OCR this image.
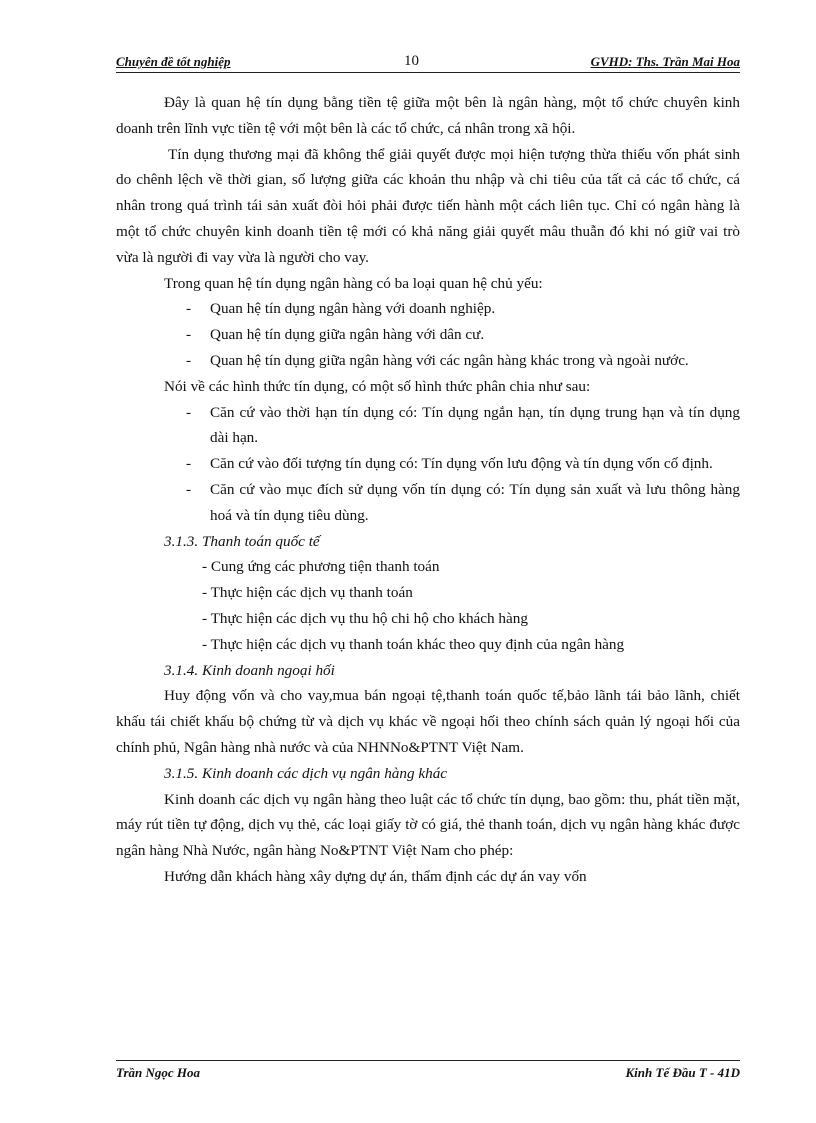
Chuyên đề tốt nghiệp	10	GVHD: Ths. Trần Mai Hoa

Đây là quan hệ tín dụng bằng tiền tệ giữa một bên là ngân hàng, một tổ chức chuyên kinh doanh trên lĩnh vực tiền tệ với một bên là các tổ chức, cá nhân trong xã hội.

Tín dụng thương mại đã không thể giải quyết được mọi hiện tượng thừa thiếu vốn phát sinh do chênh lệch về thời gian, số lượng giữa các khoản thu nhập và chi tiêu của tất cả các tổ chức, cá nhân trong quá trình tái sản xuất đòi hỏi phải được tiến hành một cách liên tục. Chỉ có ngân hàng là một tổ chức chuyên kinh doanh tiền tệ mới có khả năng giải quyết mâu thuẫn đó khi nó giữ vai trò vừa là người đi vay vừa là người cho vay.

Trong quan hệ tín dụng ngân hàng có ba loại quan hệ chủ yếu:

- Quan hệ tín dụng ngân hàng với doanh nghiệp.

- Quan hệ tín dụng giữa ngân hàng với dân cư.

- Quan hệ tín dụng giữa ngân hàng với các ngân hàng khác trong và ngoài nước.

Nói về các hình thức tín dụng, có một số hình thức phân chia như sau:

- Căn cứ vào thời hạn tín dụng có: Tín dụng ngắn hạn, tín dụng trung hạn và tín dụng dài hạn.

- Căn cứ vào đối tượng tín dụng có: Tín dụng vốn lưu động và tín dụng vốn cố định.

- Căn cứ vào mục đích sử dụng vốn tín dụng có: Tín dụng sản xuất và lưu thông hàng hoá và tín dụng tiêu dùng.

3.1.3. Thanh toán quốc tế

- Cung ứng các phương tiện thanh toán

- Thực hiện các dịch vụ thanh toán

- Thực hiện các dịch vụ thu hộ chi hộ cho khách hàng

- Thực hiện các dịch vụ thanh toán khác theo quy định của ngân hàng

3.1.4. Kinh doanh ngoại hối

Huy động vốn và cho vay,mua bán ngoại tệ,thanh toán quốc tế,bảo lãnh tái bảo lãnh, chiết khấu tái chiết khấu bộ chứng từ và dịch vụ khác về ngoại hối theo chính sách quản lý ngoại hối của chính phủ, Ngân hàng nhà nước và của NHNNo&PTNT Việt Nam.

3.1.5. Kinh doanh các dịch vụ ngân hàng khác

Kinh doanh các dịch vụ ngân hàng theo luật các tổ chức tín dụng, bao gồm: thu, phát tiền mặt, máy rút tiền tự động, dịch vụ thẻ, các loại giấy tờ có giá, thẻ thanh toán, dịch vụ ngân hàng khác được ngân hàng Nhà Nước, ngân hàng No&PTNT Việt Nam cho phép:

Hướng dẫn khách hàng xây dựng dự án, thẩm định các dự án vay vốn

Trần Ngọc Hoa	Kinh Tế Đầu T - 41D
